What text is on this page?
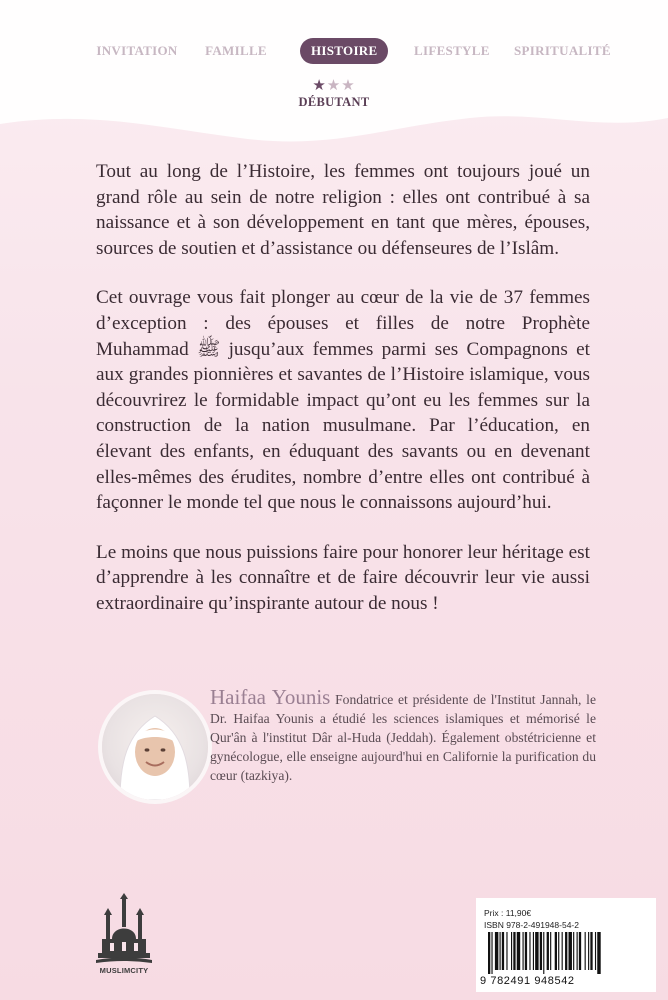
INVITATION FAMILLE	HISTOIRE	LIFESTYLE SPIRITUALITÉ
★★★
DÉBUTANT

Tout au long de l’Histoire, les femmes ont toujours joué un grand rôle au sein de notre religion : elles ont contribué à sa naissance et à son développement en tant que mères, épouses, sources de soutien et d’assistance ou défenseures de l’Islâm.

Cet ouvrage vous fait plonger au cœur de la vie de 37 femmes d’exception : des épouses et filles de notre Prophète Muhammad ﷺ jusqu’aux femmes parmi ses Compagnons et aux grandes pionnières et savantes de l’Histoire islamique, vous découvrirez le formidable impact qu’ont eu les femmes sur la construction de la nation musulmane. Par l’éducation, en élevant des enfants, en éduquant des savants ou en devenant elles-mêmes des érudites, nombre d’entre elles ont contribué à façonner le monde tel que nous le connaissons aujourd’hui.

Le moins que nous puissions faire pour honorer leur héritage est d’apprendre à les connaître et de faire découvrir leur vie aussi extraordinaire qu’inspirante autour de nous !

Haifaa Younis Fondatrice et présidente de l'Institut Jannah, le Dr. Haifaa Younis a étudié les sciences islamiques et mémorisé le Qur'ân à l'institut Dâr al-Huda (Jeddah). Également obstétricienne et gynécologue, elle enseigne aujourd'hui en Californie la purification du cœur (tazkiya).
MUSLIMCITY
Prix : 11,90€
ISBN 978-2-491948-54-2
9 782491 948542
